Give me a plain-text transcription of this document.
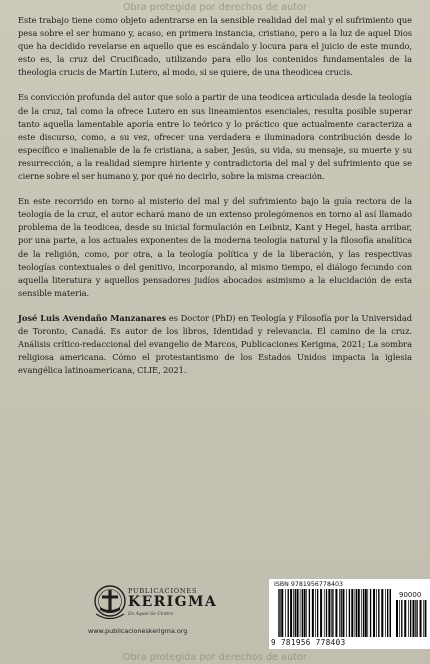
Obra protegida por derechos de autor

Este trabajo tiene como objeto adentrarse en la sensible realidad del mal y el sufrimiento que pesa sobre el ser humano y, acaso, en primera instancia, cristiano, pero a la luz de aquel Dios que ha decidido revelarse en aquello que es escándalo y locura para el juicio de este mundo, esto es, la cruz del Crucificado, utilizando para ello los contenidos fundamentales de la theologia crucis de Martín Lutero, al modo, si se quiere, de una theodicea crucis.

Es convicción profunda del autor que solo a partir de una teodicea articulada desde la teología de la cruz, tal como la ofrece Lutero en sus lineamientos esenciales, resulta posible superar tanto aquella lamentable aporía entre lo teórico y lo práctico que actualmente caracteriza a este discurso, como, a su vez, ofrecer una verdadera e iluminadora contribución desde lo específico e inalienable de la fe cristiana, a saber, Jesús, su vida, su mensaje, su muerte y su resurrección, a la realidad siempre hiriente y contradictoria del mal y del sufrimiento que se cierne sobre el ser humano y, por qué no decirlo, sobre la misma creación.

En este recorrido en torno al misterio del mal y del sufrimiento bajo la guía rectora de la teología de la cruz, el autor echará mano de un extenso prolegómenos en torno al así llamado problema de la teodicea, desde su inicial formulación en Leibniz, Kant y Hegel, hasta arribar, por una parte, a los actuales exponentes de la moderna teología natural y la filosofía analítica de la religión, como, por otra, a la teología política y de la liberación, y las respectivas teologías contextuales o del genitivo, incorporando, al mismo tiempo, el diálogo fecundo con aquella literatura y aquellos pensadores judíos abocados asimismo a la elucidación de esta sensible materia.

José Luis Avendaño Manzanares es Doctor (PhD) en Teología y Filosofía por la Universidad de Toronto, Canadá. Es autor de los libros, Identidad y relevancia. El camino de la cruz. Análisis crítico-redaccional del evangelio de Marcos, Publicaciones Kerigma, 2021; La sombra religiosa americana. Cómo el protestantismo de los Estados Unidos impacta la iglesia evangélica latinoamericana, CLIE, 2021.

PUBLICACIONES
KERIGMA
En Aquel Se Centra
www.publicacioneskerigma.org
ISBN 9781956778403
90000
9 781956 778403
Obra protegida por derechos de autor
